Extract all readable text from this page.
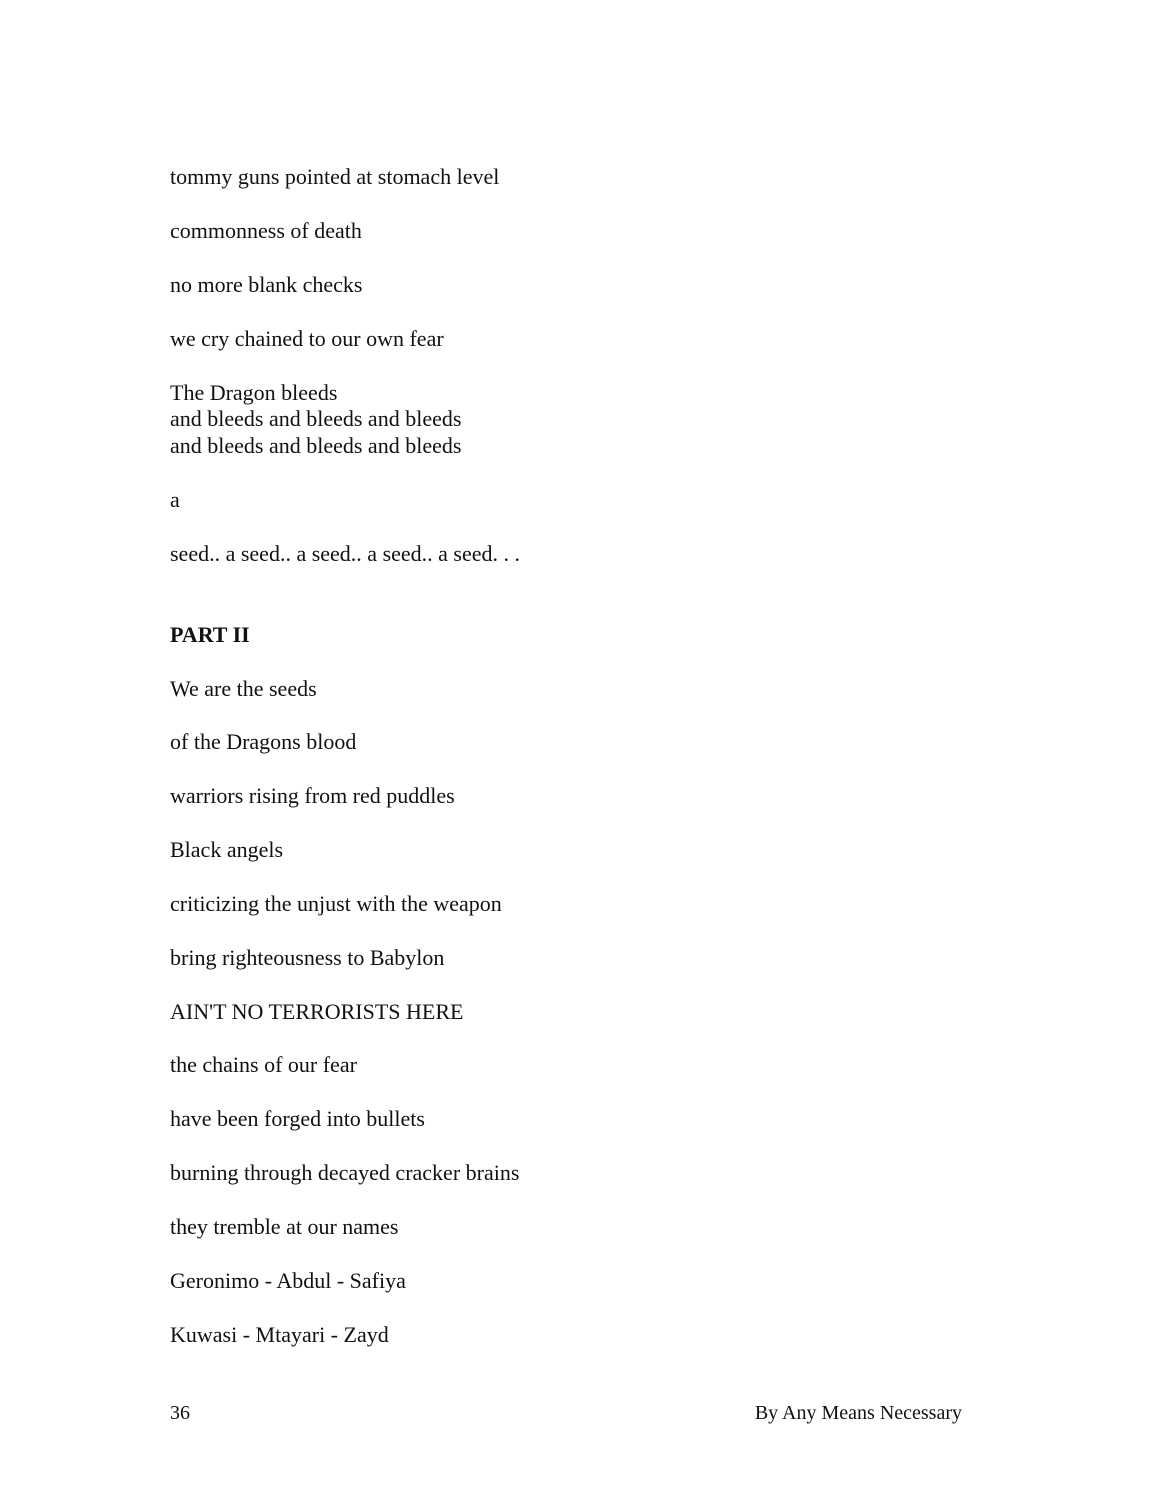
tommy guns pointed at stomach level

commonness of death

no more blank checks

we cry chained to our own fear

The Dragon bleeds

and bleeds and bleeds and bleeds

and bleeds and bleeds and bleeds

a

seed.. a seed.. a seed.. a seed.. a seed. . .

PART II

We are the seeds

of the Dragons blood

warriors rising from red puddles

Black angels

criticizing the unjust with the weapon

bring righteousness to Babylon

AIN'T NO TERRORISTS HERE

the chains of our fear

have been forged into bullets

burning through decayed cracker brains

they tremble at our names

Geronimo - Abdul - Safiya

Kuwasi - Mtayari - Zayd

36	By Any Means Necessary
